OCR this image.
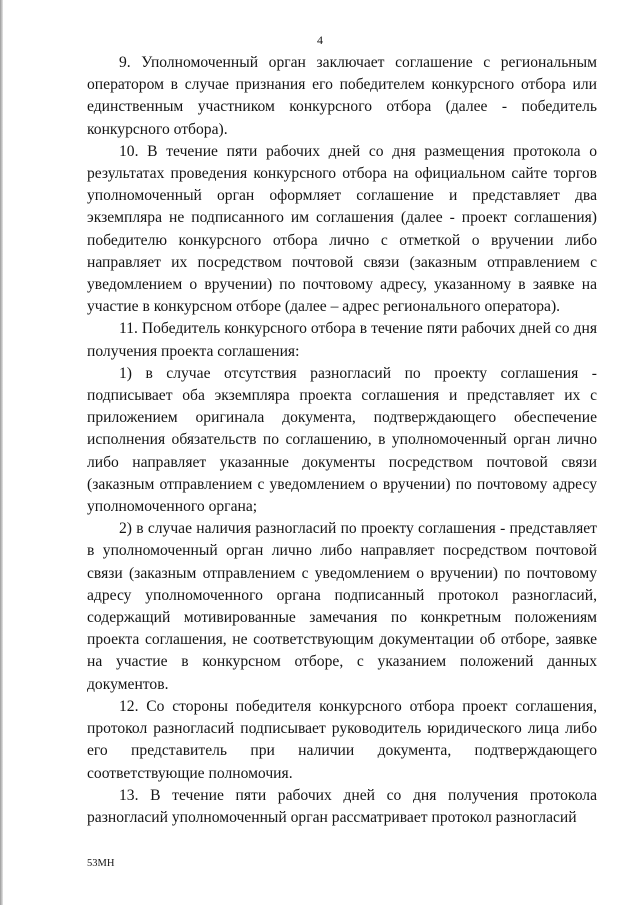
4

9. Уполномоченный орган заключает соглашение с региональным оператором в случае признания его победителем конкурсного отбора или единственным участником конкурсного отбора (далее - победитель конкурсного отбора).

10. В течение пяти рабочих дней со дня размещения протокола о результатах проведения конкурсного отбора на официальном сайте торгов уполномоченный орган оформляет соглашение и представляет два экземпляра не подписанного им соглашения (далее - проект соглашения) победителю конкурсного отбора лично с отметкой о вручении либо направляет их посредством почтовой связи (заказным отправлением с уведомлением о вручении) по почтовому адресу, указанному в заявке на участие в конкурсном отборе (далее – адрес регионального оператора).

11. Победитель конкурсного отбора в течение пяти рабочих дней со дня получения проекта соглашения:

1) в случае отсутствия разногласий по проекту соглашения - подписывает оба экземпляра проекта соглашения и представляет их с приложением оригинала документа, подтверждающего обеспечение исполнения обязательств по соглашению, в уполномоченный орган лично либо направляет указанные документы посредством почтовой связи (заказным отправлением с уведомлением о вручении) по почтовому адресу уполномоченного органа;

2) в случае наличия разногласий по проекту соглашения - представляет в уполномоченный орган лично либо направляет посредством почтовой связи (заказным отправлением с уведомлением о вручении) по почтовому адресу уполномоченного органа подписанный протокол разногласий, содержащий мотивированные замечания по конкретным положениям проекта соглашения, не соответствующим документации об отборе, заявке на участие в конкурсном отборе, с указанием положений данных документов.

12. Со стороны победителя конкурсного отбора проект соглашения, протокол разногласий подписывает руководитель юридического лица либо его представитель при наличии документа, подтверждающего соответствующие полномочия.

13. В течение пяти рабочих дней со дня получения протокола разногласий уполномоченный орган рассматривает протокол разногласий

53МН
